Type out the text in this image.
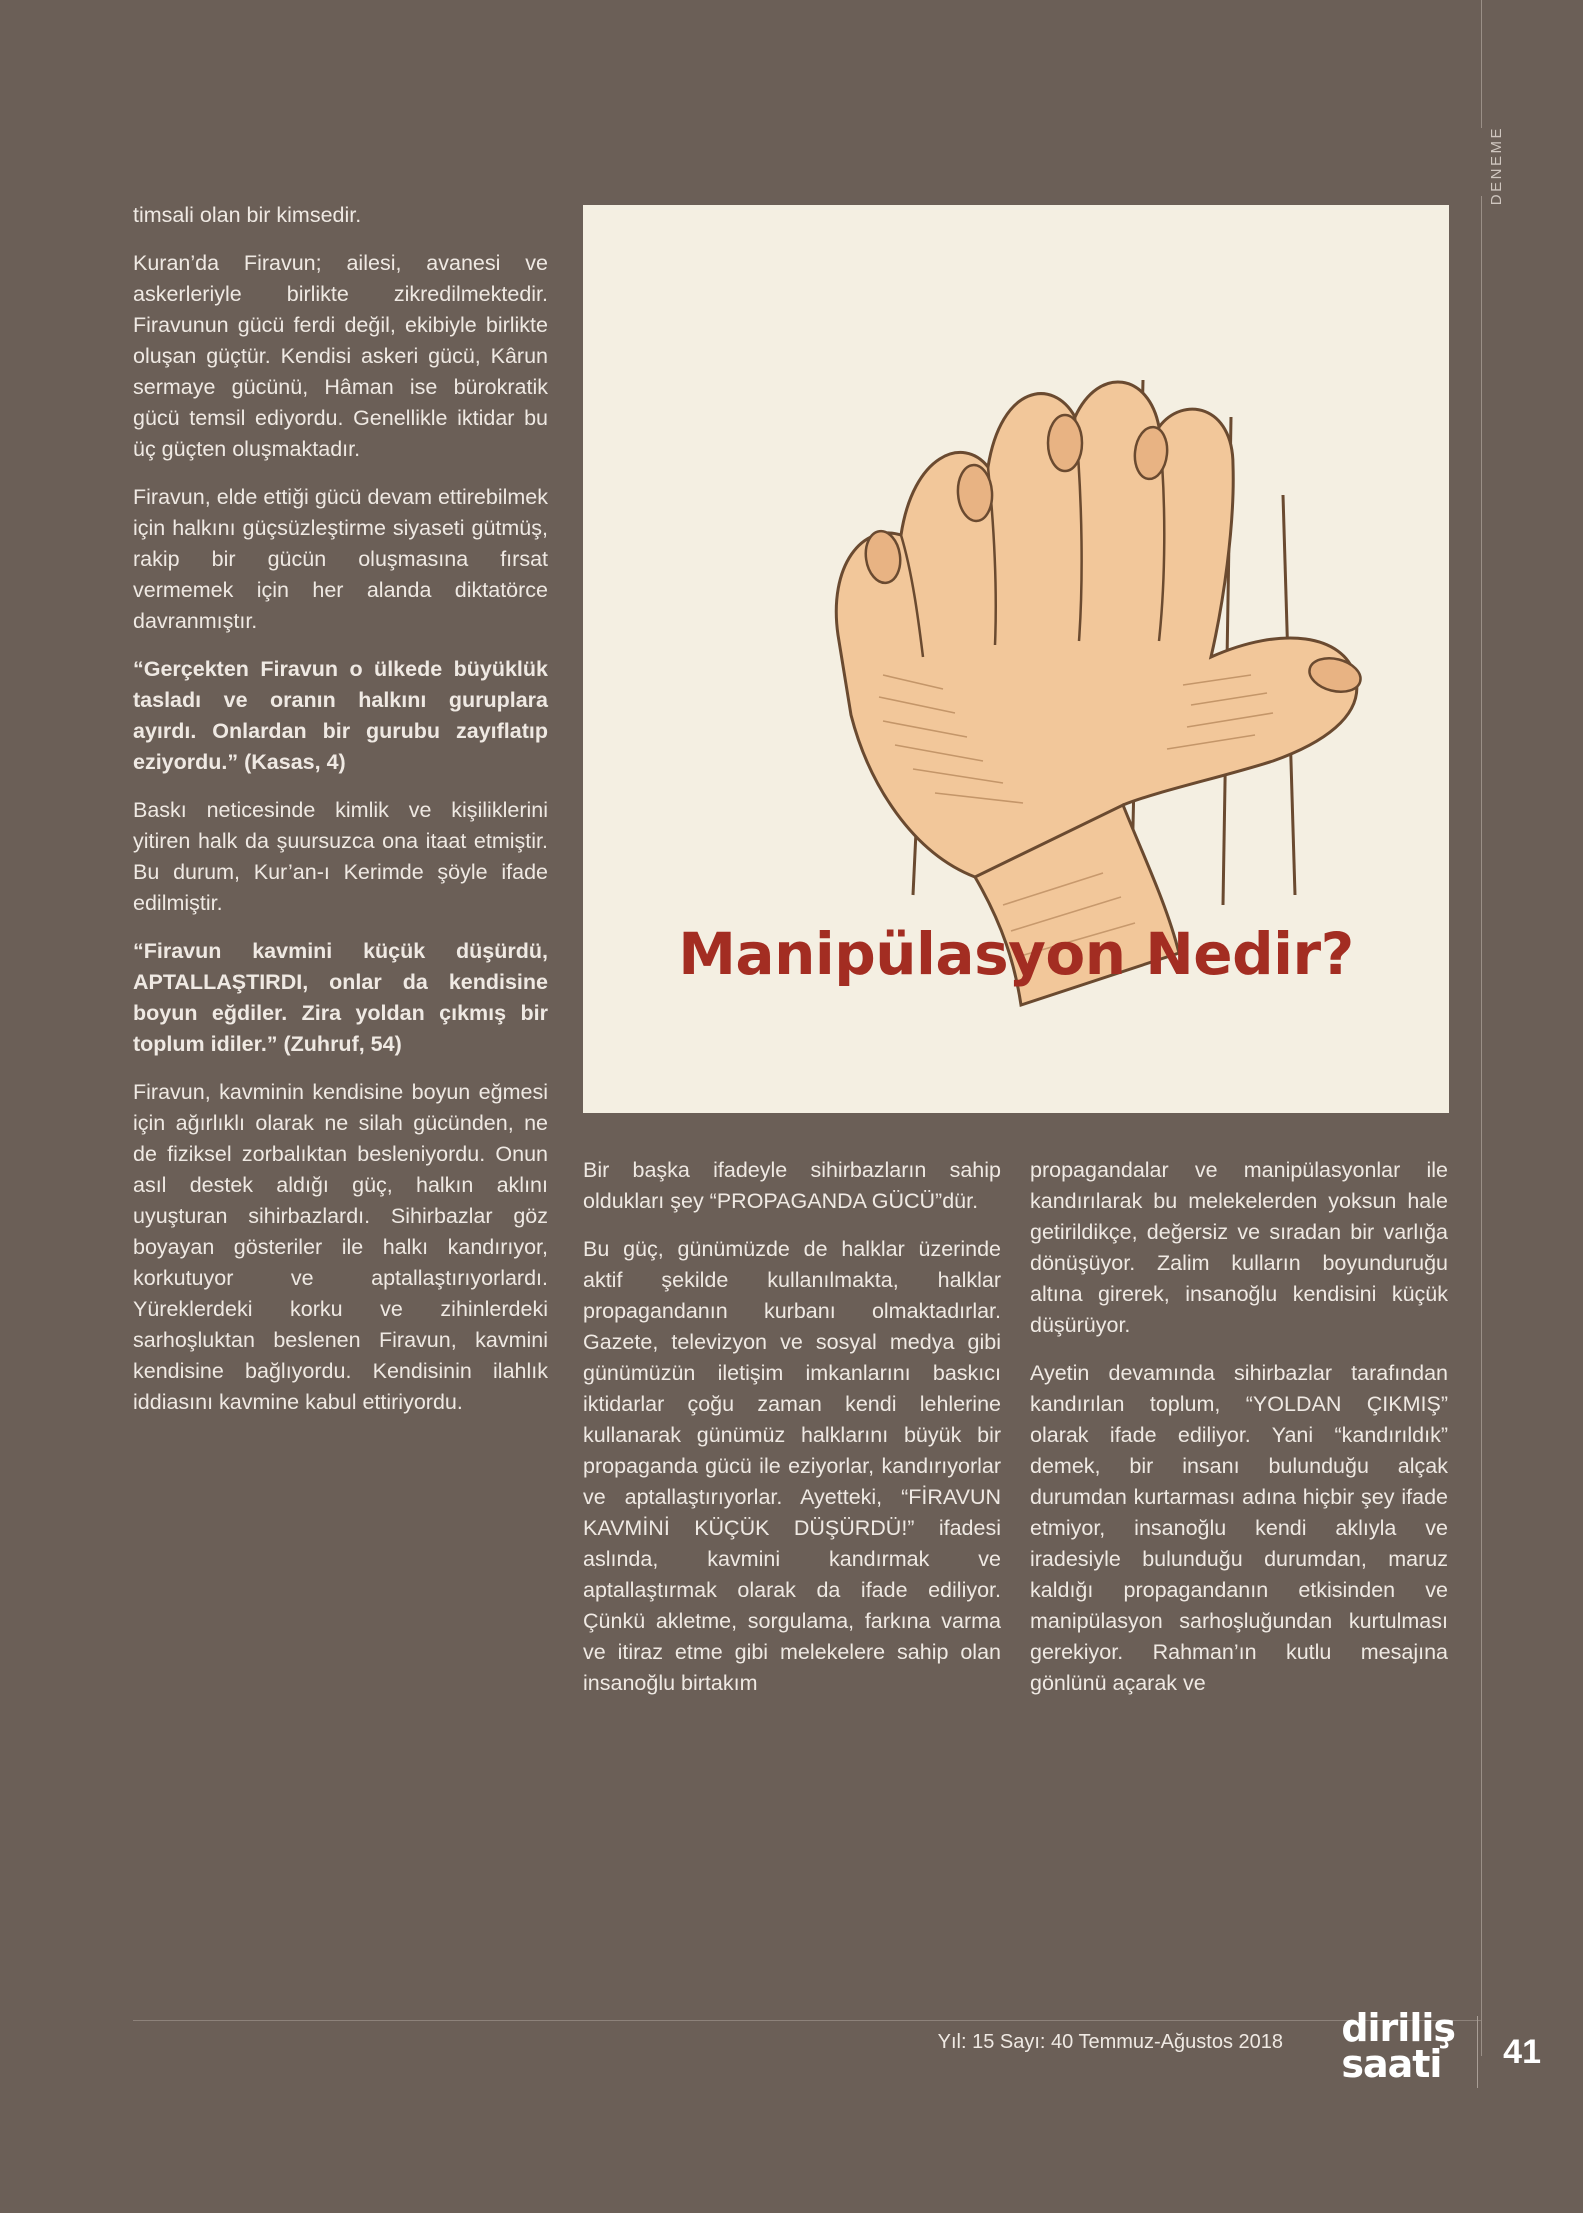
DENEME

timsali olan bir kimsedir.

Kuran’da Firavun; ailesi, avanesi ve askerleriyle birlikte zikredilmektedir. Firavunun gücü ferdi değil, ekibiyle birlikte oluşan güçtür. Kendisi askeri gücü, Kârun sermaye gücünü, Hâman ise bürokratik gücü temsil ediyordu. Genellikle iktidar bu üç güçten oluşmaktadır.

Firavun, elde ettiği gücü devam ettirebilmek için halkını güçsüzleştirme siyaseti gütmüş, rakip bir gücün oluşmasına fırsat vermemek için her alanda diktatörce davranmıştır.

“Gerçekten Firavun o ülkede büyüklük tasladı ve oranın halkını guruplara ayırdı. Onlardan bir gurubu zayıflatıp eziyordu.” (Kasas, 4)

Baskı neticesinde kimlik ve kişiliklerini yitiren halk da şuursuzca ona itaat etmiştir. Bu durum, Kur’an-ı Kerimde şöyle ifade edilmiştir.

“Firavun kavmini küçük düşürdü, APTALLAŞTIRDI, onlar da kendisine boyun eğdiler. Zira yoldan çıkmış bir toplum idiler.” (Zuhruf, 54)

Firavun, kavminin kendisine boyun eğmesi için ağırlıklı olarak ne silah gücünden, ne de fiziksel zorbalıktan besleniyordu. Onun asıl destek aldığı güç, halkın aklını uyuşturan sihirbazlardı. Sihirbazlar göz boyayan gösteriler ile halkı kandırıyor, korkutuyor ve aptallaştırıyorlardı. Yüreklerdeki korku ve zihinlerdeki sarhoşluktan beslenen Firavun, kavmini kendisine bağlıyordu. Kendisinin ilahlık iddiasını kavmine kabul ettiriyordu.

Manipülasyon Nedir?

Bir başka ifadeyle sihirbazların sahip oldukları şey “PROPAGANDA GÜCÜ”dür.

Bu güç, günümüzde de halklar üzerinde aktif şekilde kullanılmakta, halklar propagandanın kurbanı olmaktadırlar. Gazete, televizyon ve sosyal medya gibi günümüzün iletişim imkanlarını baskıcı iktidarlar çoğu zaman kendi lehlerine kullanarak günümüz halklarını büyük bir propaganda gücü ile eziyorlar, kandırıyorlar ve aptallaştırıyorlar. Ayetteki, “FİRAVUN KAVMİNİ KÜÇÜK DÜŞÜRDÜ!” ifadesi aslında, kavmini kandırmak ve aptallaştırmak olarak da ifade ediliyor. Çünkü akletme, sorgulama, farkına varma ve itiraz etme gibi melekelere sahip olan insanoğlu birtakım

propagandalar ve manipülasyonlar ile kandırılarak bu melekelerden yoksun hale getirildikçe, değersiz ve sıradan bir varlığa dönüşüyor. Zalim kulların boyunduruğu altına girerek, insanoğlu kendisini küçük düşürüyor.

Ayetin devamında sihirbazlar tarafından kandırılan toplum, “YOLDAN ÇIKMIŞ” olarak ifade ediliyor. Yani “kandırıldık” demek, bir insanı bulunduğu alçak durumdan kurtarması adına hiçbir şey ifade etmiyor, insanoğlu kendi aklıyla ve iradesiyle bulunduğu durumdan, maruz kaldığı propagandanın etkisinden ve manipülasyon sarhoşluğundan kurtulması gerekiyor. Rahman’ın kutlu mesajına gönlünü açarak ve

Yıl: 15 Sayı: 40 Temmuz-Ağustos 2018 diriliş
saati	41
